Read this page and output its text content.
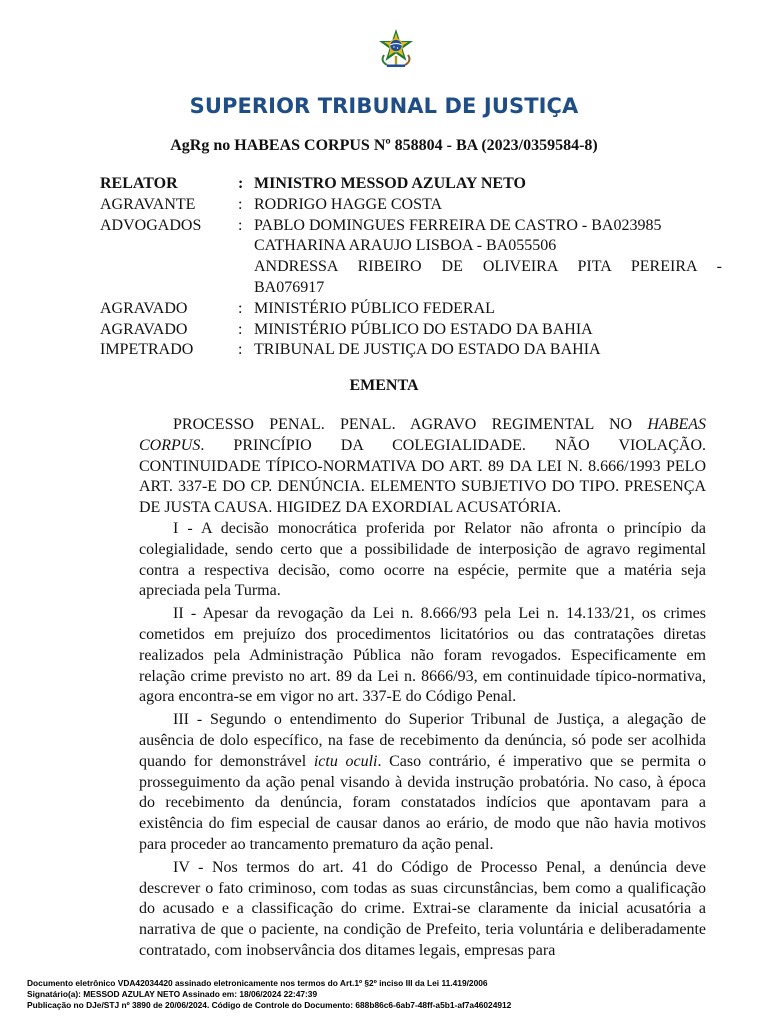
SUPERIOR TRIBUNAL DE JUSTIÇA
AgRg no HABEAS CORPUS Nº 858804 - BA (2023/0359584-8)
RELATOR	: MINISTRO MESSOD AZULAY NETO
AGRAVANTE	: RODRIGO HAGGE COSTA
ADVOGADOS	: PABLO DOMINGUES FERREIRA DE CASTRO - BA023985
CATHARINA ARAUJO LISBOA - BA055506
ANDRESSA RIBEIRO DE OLIVEIRA PITA PEREIRA -
BA076917
AGRAVADO	: MINISTÉRIO PÚBLICO FEDERAL
AGRAVADO	: MINISTÉRIO PÚBLICO DO ESTADO DA BAHIA
IMPETRADO	: TRIBUNAL DE JUSTIÇA DO ESTADO DA BAHIA
EMENTA

PROCESSO PENAL. PENAL. AGRAVO REGIMENTAL NO HABEAS CORPUS. PRINCÍPIO DA COLEGIALIDADE. NÃO VIOLAÇÃO. CONTINUIDADE TÍPICO-NORMATIVA DO ART. 89 DA LEI N. 8.666/1993 PELO ART. 337-E DO CP. DENÚNCIA. ELEMENTO SUBJETIVO DO TIPO. PRESENÇA DE JUSTA CAUSA. HIGIDEZ DA EXORDIAL ACUSATÓRIA.

I - A decisão monocrática proferida por Relator não afronta o princípio da colegialidade, sendo certo que a possibilidade de interposição de agravo regimental contra a respectiva decisão, como ocorre na espécie, permite que a matéria seja apreciada pela Turma.

II - Apesar da revogação da Lei n. 8.666/93 pela Lei n. 14.133/21, os crimes cometidos em prejuízo dos procedimentos licitatórios ou das contratações diretas realizados pela Administração Pública não foram revogados. Especificamente em relação crime previsto no art. 89 da Lei n. 8666/93, em continuidade típico-normativa, agora encontra-se em vigor no art. 337-E do Código Penal.

III - Segundo o entendimento do Superior Tribunal de Justiça, a alegação de ausência de dolo específico, na fase de recebimento da denúncia, só pode ser acolhida quando for demonstrável ictu oculi. Caso contrário, é imperativo que se permita o prosseguimento da ação penal visando à devida instrução probatória. No caso, à época do recebimento da denúncia, foram constatados indícios que apontavam para a existência do fim especial de causar danos ao erário, de modo que não havia motivos para proceder ao trancamento prematuro da ação penal.

IV - Nos termos do art. 41 do Código de Processo Penal, a denúncia deve descrever o fato criminoso, com todas as suas circunstâncias, bem como a qualificação do acusado e a classificação do crime. Extrai-se claramente da inicial acusatória a narrativa de que o paciente, na condição de Prefeito, teria voluntária e deliberadamente contratado, com inobservância dos ditames legais, empresas para

Documento eletrônico VDA42034420 assinado eletronicamente nos termos do Art.1º §2º inciso III da Lei 11.419/2006
Signatário(a): MESSOD AZULAY NETO Assinado em: 18/06/2024 22:47:39
Publicação no DJe/STJ nº 3890 de 20/06/2024. Código de Controle do Documento: 688b86c6-6ab7-48ff-a5b1-af7a46024912
